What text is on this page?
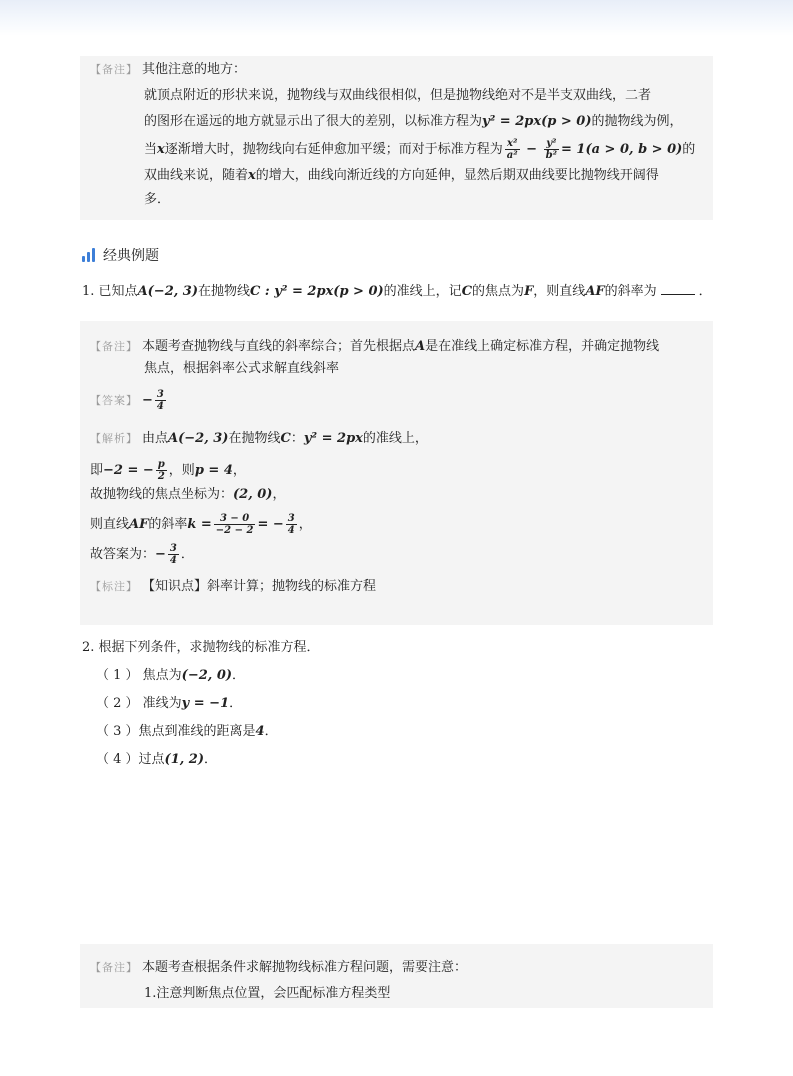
【备注】 其他注意的地方：
就顶点附近的形状来说，抛物线与双曲线很相似，但是抛物线绝对不是半支双曲线，二者
的图形在遥远的地方就显示出了很大的差别，以标准方程为y² = 2px(p > 0)的抛物线为例，
当x逐渐增大时，抛物线向右延伸愈加平缓；而对于标准方程为 $\frac{\text{x²}}{\text{a²}} - \frac{\text{y²}}{\text{b²}} = 1(a > 0$, b > 0)的
双曲线来说，随着x的增大，曲线向渐近线的方向延伸，显然后期双曲线要比抛物线开阔得
多．
经典例题
1. 已知点A(−2, 3)在抛物线C : y² = 2px(p > 0)的准线上，记C的焦点为F，则直线AF的斜率为	．
【备注】 本题考查抛物线与直线的斜率综合；首先根据点A是在准线上确定标准方程，并确定抛物线
焦点，根据斜率公式求解直线斜率
【答案】 − $\frac{3}{4}$
【解析】 由点A(−2, 3)在抛物线C：y² = 2px的准线上，
即−2 = − $\frac{p}{2}$ ，则p = 4，
故抛物线的焦点坐标为：(2, 0)，
则直线AF的斜率$k = \frac{3 - 0}{-2 - 2}$ = − $\frac{3}{4}$ ，
故答案为：− $\frac{3}{4}$ ．
【标注】 【知识点】斜率计算；抛物线的标准方程
2. 根据下列条件，求抛物线的标准方程．
（ 1 ） 焦点为(−2, 0)．
（ 2 ） 准线为y = −1．
（ 3 ）焦点到准线的距离是4．
（ 4 ）过点(1, 2)．
【备注】 本题考查根据条件求解抛物线标准方程问题，需要注意：
1.注意判断焦点位置，会匹配标准方程类型
